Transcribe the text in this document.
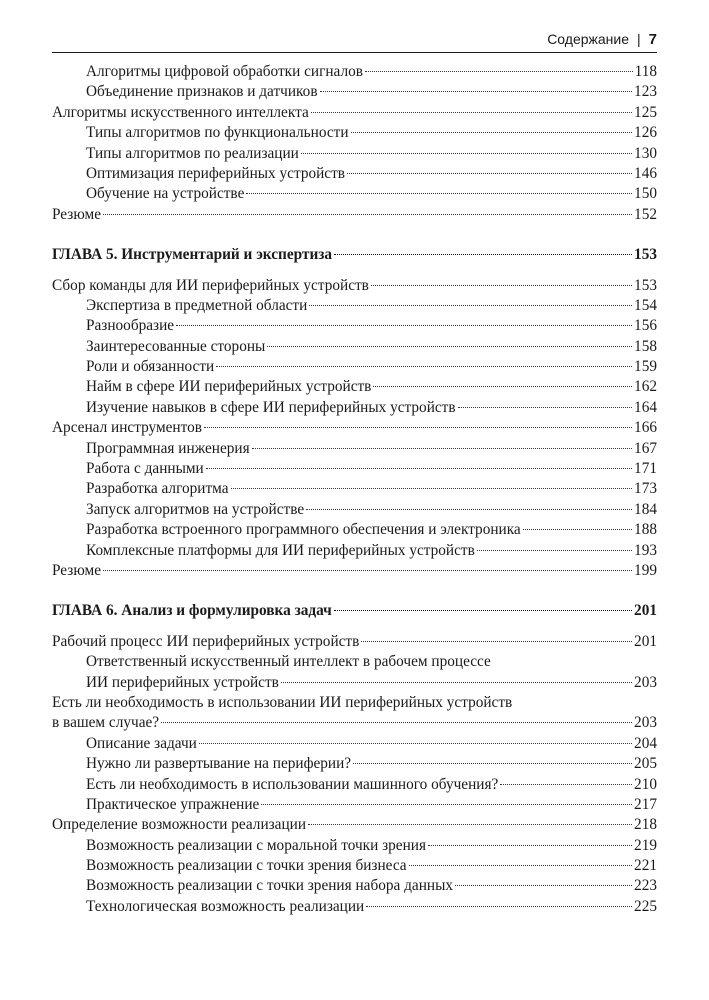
Содержание | 7
Алгоритмы цифровой обработки сигналов	118
Объединение признаков и датчиков	123
Алгоритмы искусственного интеллекта	125
Типы алгоритмов по функциональности	126
Типы алгоритмов по реализации	130
Оптимизация периферийных устройств	146
Обучение на устройстве	150
Резюме	152
ГЛАВА 5. Инструментарий и экспертиза	153
Сбор команды для ИИ периферийных устройств	153
Экспертиза в предметной области	154
Разнообразие	156
Заинтересованные стороны	158
Роли и обязанности	159
Найм в сфере ИИ периферийных устройств	162
Изучение навыков в сфере ИИ периферийных устройств	164
Арсенал инструментов	166
Программная инженерия	167
Работа с данными	171
Разработка алгоритма	173
Запуск алгоритмов на устройстве	184
Разработка встроенного программного обеспечения и электроника	188
Комплексные платформы для ИИ периферийных устройств	193
Резюме	199
ГЛАВА 6. Анализ и формулировка задач	201
Рабочий процесс ИИ периферийных устройств	201
Ответственный искусственный интеллект в рабочем процессе
ИИ периферийных устройств	203
Есть ли необходимость в использовании ИИ периферийных устройств
в вашем случае?	203
Описание задачи	204
Нужно ли развертывание на периферии?	205
Есть ли необходимость в использовании машинного обучения?	210
Практическое упражнение	217
Определение возможности реализации	218
Возможность реализации с моральной точки зрения	219
Возможность реализации с точки зрения бизнеса	221
Возможность реализации с точки зрения набора данных	223
Технологическая возможность реализации	225
